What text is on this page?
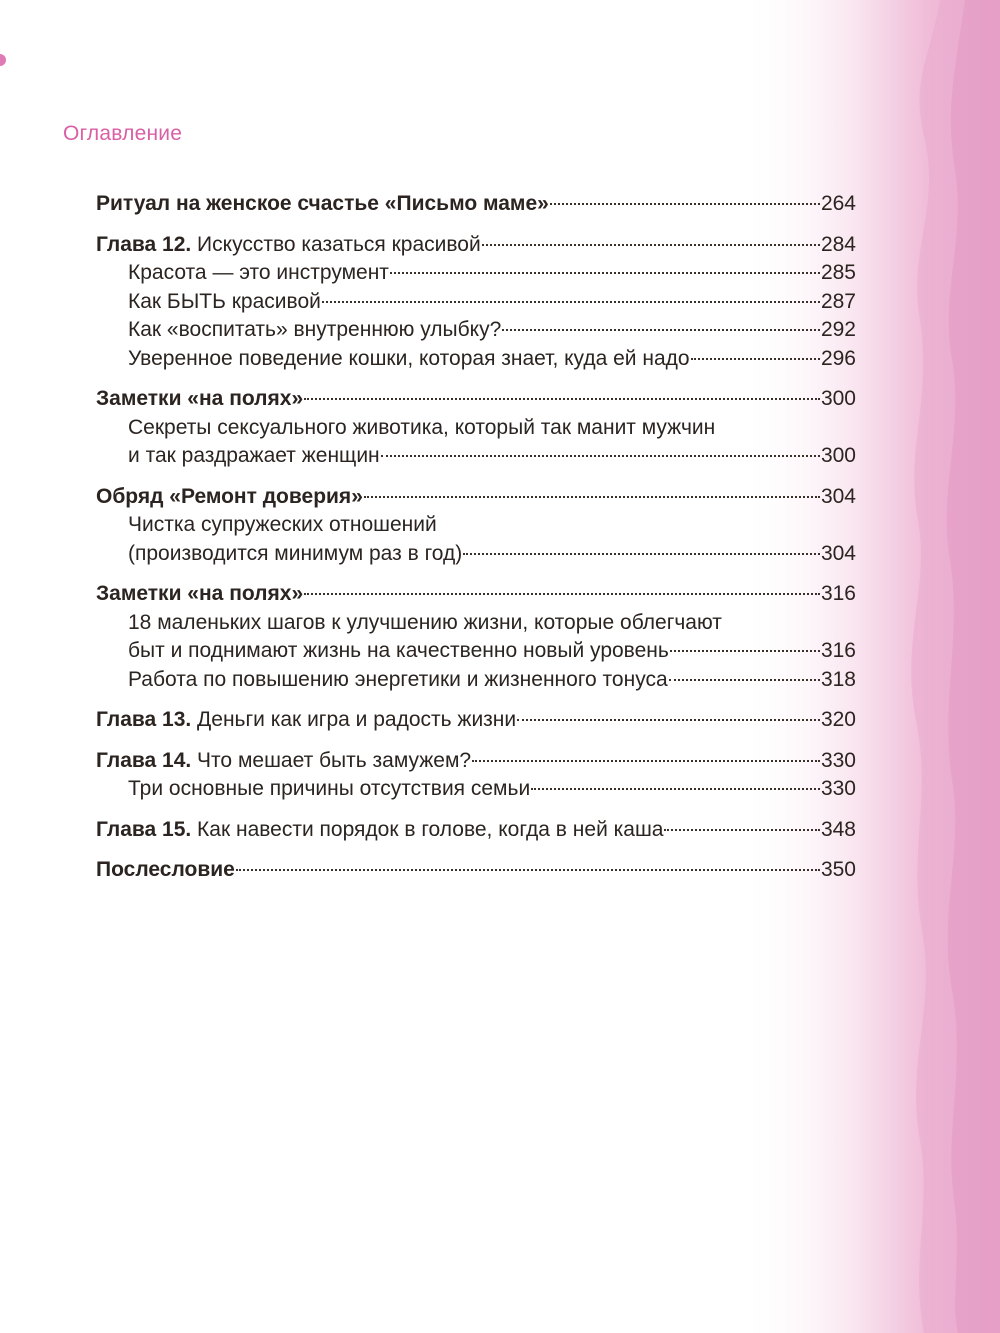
Оглавление
Ритуал на женское счастье «Письмо маме»	264
Глава 12. Искусство казаться красивой	284
Красота — это инструмент	285
Как БЫТЬ красивой	287
Как «воспитать» внутреннюю улыбку?	292
Уверенное поведение кошки, которая знает, куда ей надо	296
Заметки «на полях»	300
Секреты сексуального животика, который так манит мужчин
и так раздражает женщин	300
Обряд «Ремонт доверия»	304
Чистка супружеских отношений
(производится минимум раз в год)	304
Заметки «на полях»	316
18 маленьких шагов к улучшению жизни, которые облегчают
быт и поднимают жизнь на качественно новый уровень	316
Работа по повышению энергетики и жизненного тонуса	318
Глава 13. Деньги как игра и радость жизни	320
Глава 14. Что мешает быть замужем?	330
Три основные причины отсутствия семьи	330
Глава 15. Как навести порядок в голове, когда в ней каша	348
Послесловие	350
